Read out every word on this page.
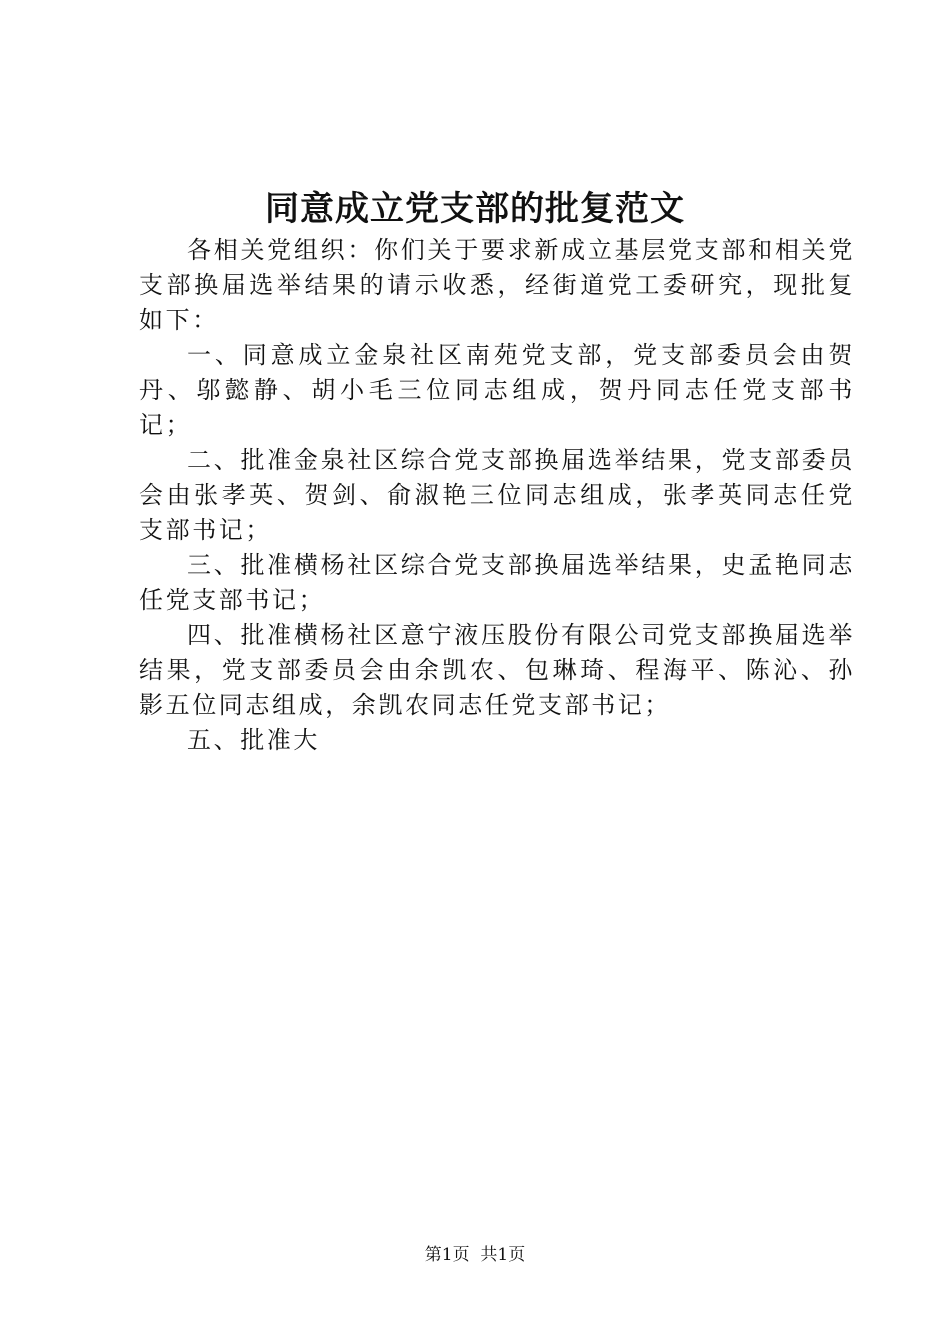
同意成立党支部的批复范文

各相关党组织：你们关于要求新成立基层党支部和相关党支部换届选举结果的请示收悉，经街道党工委研究，现批复如下：

一、同意成立金泉社区南苑党支部，党支部委员会由贺丹、邬懿静、胡小毛三位同志组成，贺丹同志任党支部书记；

二、批准金泉社区综合党支部换届选举结果，党支部委员会由张孝英、贺剑、俞淑艳三位同志组成，张孝英同志任党支部书记；

三、批准横杨社区综合党支部换届选举结果，史孟艳同志任党支部书记；

四、批准横杨社区意宁液压股份有限公司党支部换届选举结果，党支部委员会由余凯农、包琳琦、程海平、陈沁、孙影五位同志组成，余凯农同志任党支部书记；

五、批准大

第1页 共1页
